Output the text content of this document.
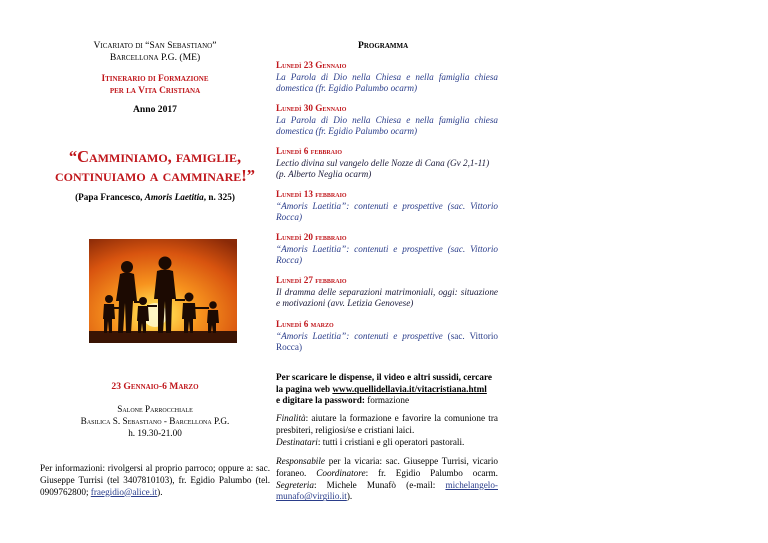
Vicariato di “San Sebastiano”
Barcellona P.G. (ME)
Itinerario di Formazione
per la Vita Cristiana
Anno 2017
“Camminiamo, famiglie,
continuiamo a camminare!”
(Papa Francesco, Amoris Laetitia, n. 325)
23 Gennaio-6 Marzo
Salone Parrocchiale
Basilica S. Sebastiano - Barcellona P.G.
h. 19.30-21.00
Per informazioni: rivolgersi al proprio parroco; oppure a: sac. Giuseppe Turrisi (tel 3407810103), fr. Egidio Palumbo (tel. 0909762800; fraegidio@alice.it).
Programma
Lunedì 23 Gennaio
La Parola di Dio nella Chiesa e nella famiglia chiesa domestica (fr. Egidio Palumbo ocarm)
Lunedì 30 Gennaio
La Parola di Dio nella Chiesa e nella famiglia chiesa domestica (fr. Egidio Palumbo ocarm)
Lunedì 6 febbraio
Lectio divina sul vangelo delle Nozze di Cana (Gv 2,1-11)
(p. Alberto Neglia ocarm)
Lunedì 13 febbraio
“Amoris Laetitia”: contenuti e prospettive (sac. Vittorio Rocca)
Lunedì 20 febbraio
“Amoris Laetitia”: contenuti e prospettive (sac. Vittorio Rocca)
Lunedì 27 febbraio
Il dramma delle separazioni matrimoniali, oggi: situazione e motivazioni (avv. Letizia Genovese)
Lunedì 6 marzo
“Amoris Laetitia”: contenuti e prospettive (sac. Vittorio Rocca)
Per scaricare le dispense, il video e altri sussidi, cercare la pagina web www.quellidellavia.it/vitacristiana.html
e digitare la password: formazione
Finalità: aiutare la formazione e favorire la comunione tra presbiteri, religiosi/se e cristiani laici.
Destinatari: tutti i cristiani e gli operatori pastorali.
Responsabile per la vicaria: sac. Giuseppe Turrisi, vicario foraneo. Coordinatore: fr. Egidio Palumbo ocarm. Segreteria: Michele Munafò (e-mail: michelangelo-munafo@virgilio.it).
